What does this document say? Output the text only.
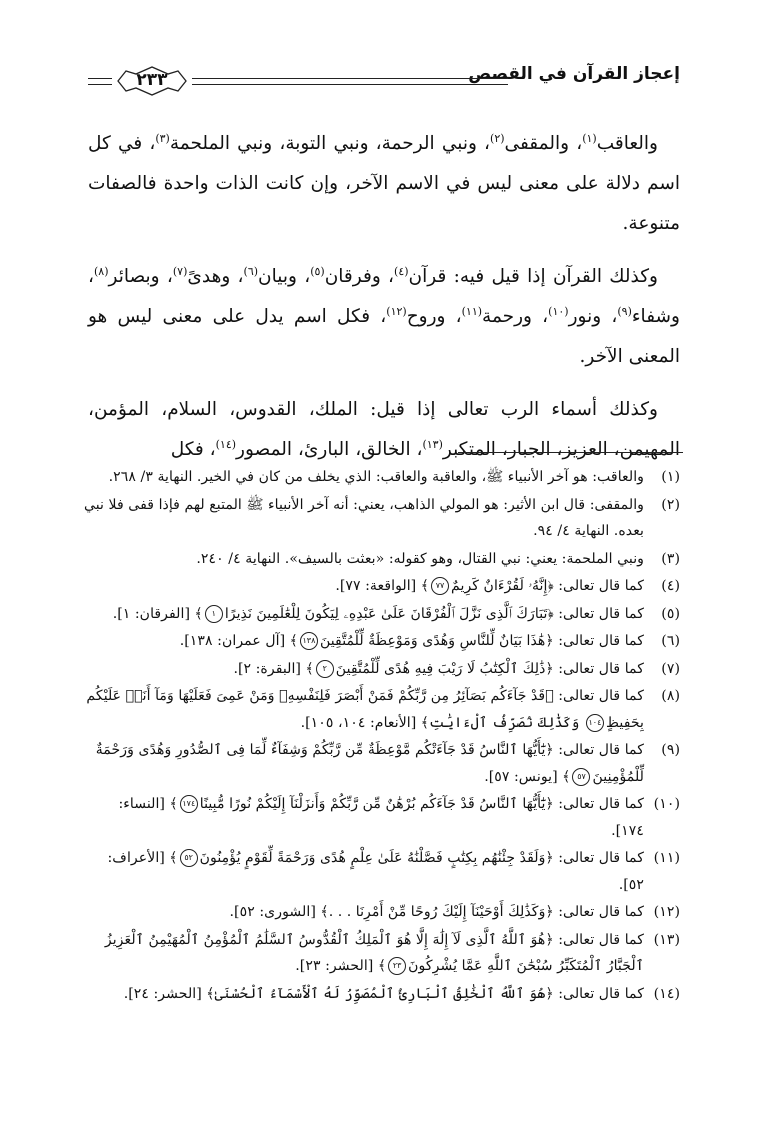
إعجاز القرآن في القصص
٢٣٣

والعاقب$^{(١)}$، والمقفى$^{(٢)}$، ونبي الرحمة، ونبي التوبة، ونبي الملحمة$^{(٣)}$، في كل اسم دلالة على معنى ليس في الاسم الآخر، وإن كانت الذات واحدة فالصفات متنوعة.

وكذلك القرآن إذا قيل فيه: قرآن$^{(٤)}$، وفرقان$^{(٥)}$، وبيان$^{(٦)}$، وهدىً$^{(٧)}$، وبصائر$^{(٨)}$، وشفاء$^{(٩)}$، ونور$^{(١٠)}$، ورحمة$^{(١١)}$، وروح$^{(١٢)}$، فكل اسم يدل على معنى ليس هو المعنى الآخر.

وكذلك أسماء الرب تعالى إذا قيل: الملك، القدوس، السلام، المؤمن، المهيمن، العزيز، الجبار، المتكبر$^{(١٣)}$، الخالق، البارئ، المصور$^{(١٤)}$، فكل

(١)
والعاقب: هو آخر الأنبياء ﷺ، والعاقبة والعاقب: الذي يخلف من كان في الخير. النهاية ٣/ ٢٦٨.
(٢)
والمقفى: قال ابن الأثير: هو المولي الذاهب، يعني: أنه آخر الأنبياء ﷺ المتبع لهم فإذا قفى فلا نبي بعده. النهاية ٤/ ٩٤.
(٣)
ونبي الملحمة: يعني: نبي القتال، وهو كقوله: «بعثت بالسيف». النهاية ٤/ ٢٤٠.
(٤)
كما قال تعالى: ﴿إِنَّهُۥ لَقُرْءَانٌ كَرِيمٌ٧٧﴾ [الواقعة: ٧٧].
(٥)
كما قال تعالى: ﴿تَبَارَكَ ٱلَّذِى نَزَّلَ ٱلْفُرْقَانَ عَلَىٰ عَبْدِهِۦ لِيَكُونَ لِلْعَٰلَمِينَ نَذِيرًا١﴾ [الفرقان: ١].
(٦)
كما قال تعالى: ﴿هَٰذَا بَيَانٌ لِّلنَّاسِ وَهُدًى وَمَوْعِظَةٌ لِّلْمُتَّقِينَ١٣٨﴾ [آل عمران: ١٣٨].
(٧)
كما قال تعالى: ﴿ذَٰلِكَ ٱلْكِتَٰبُ لَا رَيْبَ فِيهِ هُدًى لِّلْمُتَّقِينَ٢﴾ [البقرة: ٢].
(٨)
كما قال تعالى: ﴿قَدْ جَآءَكُم بَصَآئِرُ مِن رَّبِّكُمْ فَمَنْ أَبْصَرَ فَلِنَفْسِهِۦ وَمَنْ عَمِىَ فَعَلَيْهَا وَمَآ أَنَا۠ عَلَيْكُم بِحَفِيظٍ١٠٤ وَكَذَٰلِكَ نُصَرِّفُ ٱلْءَايَٰتِ﴾ [الأنعام: ١٠٤، ١٠٥].
(٩)
كما قال تعالى: ﴿يَٰٓأَيُّهَا ٱلنَّاسُ قَدْ جَآءَتْكُم مَّوْعِظَةٌ مِّن رَّبِّكُمْ وَشِفَآءٌ لِّمَا فِى ٱلصُّدُورِ وَهُدًى وَرَحْمَةٌ لِّلْمُؤْمِنِينَ٥٧﴾ [يونس: ٥٧].
(١٠)
كما قال تعالى: ﴿يَٰٓأَيُّهَا ٱلنَّاسُ قَدْ جَآءَكُم بُرْهَٰنٌ مِّن رَّبِّكُمْ وَأَنزَلْنَآ إِلَيْكُمْ نُورًا مُّبِينًا١٧٤﴾ [النساء: ١٧٤].
(١١)
كما قال تعالى: ﴿وَلَقَدْ جِئْنَٰهُم بِكِتَٰبٍ فَصَّلْنَٰهُ عَلَىٰ عِلْمٍ هُدًى وَرَحْمَةً لِّقَوْمٍ يُؤْمِنُونَ٥٢﴾ [الأعراف: ٥٢].
(١٢)
كما قال تعالى: ﴿وَكَذَٰلِكَ أَوْحَيْنَآ إِلَيْكَ رُوحًا مِّنْ أَمْرِنَا . . .﴾ [الشورى: ٥٢].
(١٣)
كما قال تعالى: ﴿هُوَ ٱللَّهُ ٱلَّذِى لَآ إِلَٰهَ إِلَّا هُوَ ٱلْمَلِكُ ٱلْقُدُّوسُ ٱلسَّلَٰمُ ٱلْمُؤْمِنُ ٱلْمُهَيْمِنُ ٱلْعَزِيزُ ٱلْجَبَّارُ ٱلْمُتَكَبِّرُ سُبْحَٰنَ ٱللَّهِ عَمَّا يُشْرِكُونَ٢٣﴾ [الحشر: ٢٣].
(١٤)
كما قال تعالى: ﴿هُوَ ٱللَّهُ ٱلْخَٰلِقُ ٱلْبَارِئُ ٱلْمُصَوِّرُ لَهُ ٱلْأَسْمَآءُ ٱلْحُسْنَىٰ﴾ [الحشر: ٢٤].
